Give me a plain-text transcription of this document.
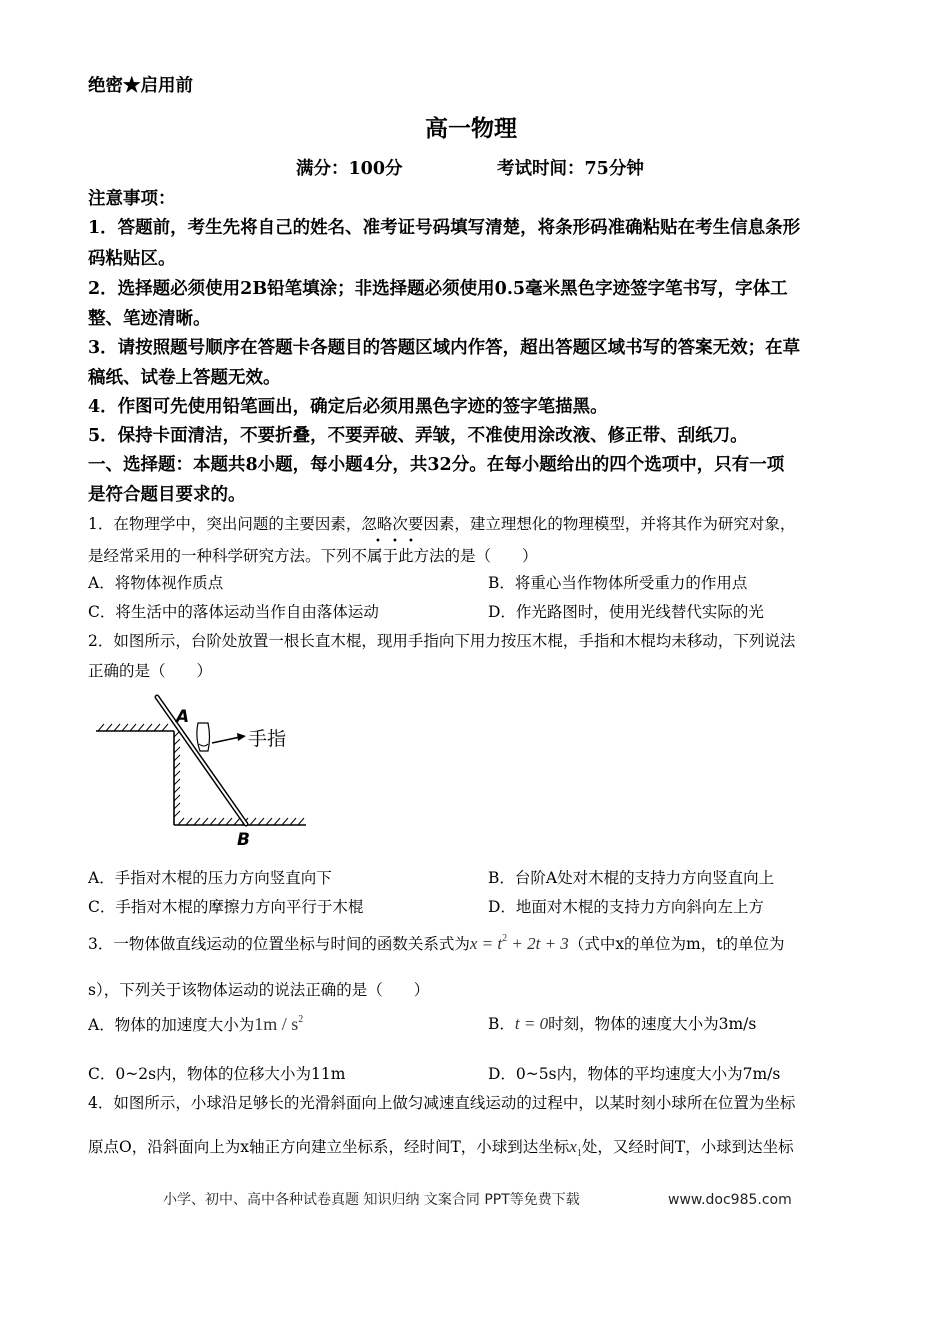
绝密★启用前
高一物理
满分：100分	考试时间：75分钟
注意事项：
1．答题前，考生先将自己的姓名、准考证号码填写清楚，将条形码准确粘贴在考生信息条形
码粘贴区。
2．选择题必须使用2B铅笔填涂；非选择题必须使用0.5毫米黑色字迹签字笔书写，字体工
整、笔迹清晰。
3．请按照题号顺序在答题卡各题目的答题区域内作答，超出答题区域书写的答案无效；在草
稿纸、试卷上答题无效。
4．作图可先使用铅笔画出，确定后必须用黑色字迹的签字笔描黑。
5．保持卡面清洁，不要折叠，不要弄破、弄皱，不准使用涂改液、修正带、刮纸刀。
一、选择题：本题共8小题，每小题4分，共32分。在每小题给出的四个选项中，只有一项
是符合题目要求的。
1．在物理学中，突出问题的主要因素，忽略次要因素，建立理想化的物理模型，并将其作为研究对象，
是经常采用的一种科学研究方法。下列不属于此方法的是（　　）
• • •
A．将物体视作质点	B．将重心当作物体所受重力的作用点
C．将生活中的落体运动当作自由落体运动	D．作光路图时，使用光线替代实际的光
2．如图所示，台阶处放置一根长直木棍，现用手指向下用力按压木棍，手指和木棍均未移动，下列说法
正确的是（　　）
A
B
手指
A．手指对木棍的压力方向竖直向下	B．台阶A处对木棍的支持力方向竖直向上
C．手指对木棍的摩擦力方向平行于木棍	D．地面对木棍的支持力方向斜向左上方
3．一物体做直线运动的位置坐标与时间的函数关系式为$x = t^2 + 2t + 3$（式中x的单位为m，t的单位为
s），下列关于该物体运动的说法正确的是（　　）
A．物体的加速度大小为$1m / s^2$	B．t = 0时刻，物体的速度大小为3m/s
C．0~2s内，物体的位移大小为11m	D．0~5s内，物体的平均速度大小为7m/s
4．如图所示，小球沿足够长的光滑斜面向上做匀减速直线运动的过程中，以某时刻小球所在位置为坐标
原点O，沿斜面向上为x轴正方向建立坐标系，经时间T，小球到达坐标$x_1$处，又经时间T，小球到达坐标
小学、初中、高中各种试卷真题 知识归纳 文案合同 PPT等免费下载	www.doc985.com
